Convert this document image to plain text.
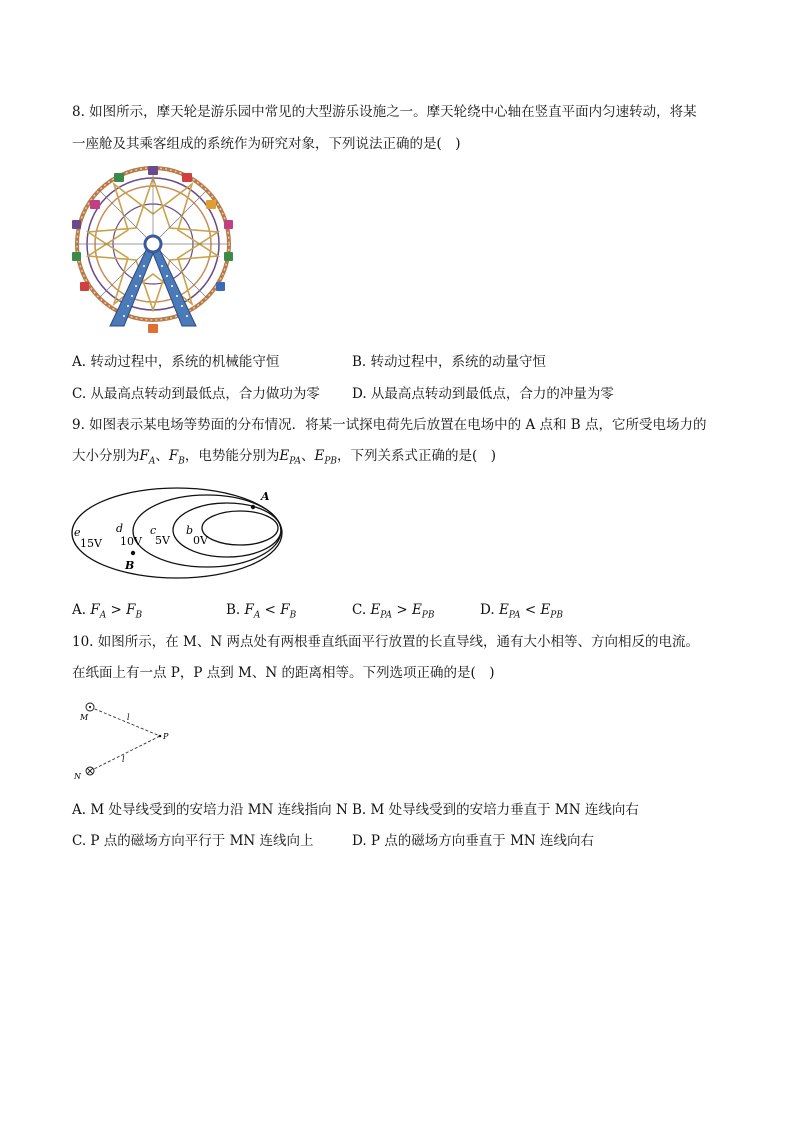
8. 如图所示，摩天轮是游乐园中常见的大型游乐设施之一。摩天轮绕中心轴在竖直平面内匀速转动，将某
一座舱及其乘客组成的系统作为研究对象，下列说法正确的是(　)
A. 转动过程中，系统的机械能守恒	B. 转动过程中，系统的动量守恒
C. 从最高点转动到最低点，合力做功为零 D. 从最高点转动到最低点，合力的冲量为零
9. 如图表示某电场等势面的分布情况．将某一试探电荷先后放置在电场中的 A 点和 B 点，它所受电场力的
大小分别为$F_A$、$F_B$，电势能分别为$E_{PA}$、$E_{PB}$，下列关系式正确的是(　)
e	d c	b
A
B
15V 10V 5V 0V
A. $F_A > F_B$	B. $F_A < F_B$	C. $E_{PA} > E_{PB}$	D. $E_{PA} < E_{PB}$
10. 如图所示，在 M、N 两点处有两根垂直纸面平行放置的长直导线，通有大小相等、方向相反的电流。
在纸面上有一点 P，P 点到 M、N 的距离相等。下列选项正确的是(　)
M
N
P
l
l
A. M 处导线受到的安培力沿 MN 连线指向 N B. M 处导线受到的安培力垂直于 MN 连线向右
C. P 点的磁场方向平行于 MN 连线向上	D. P 点的磁场方向垂直于 MN 连线向右
